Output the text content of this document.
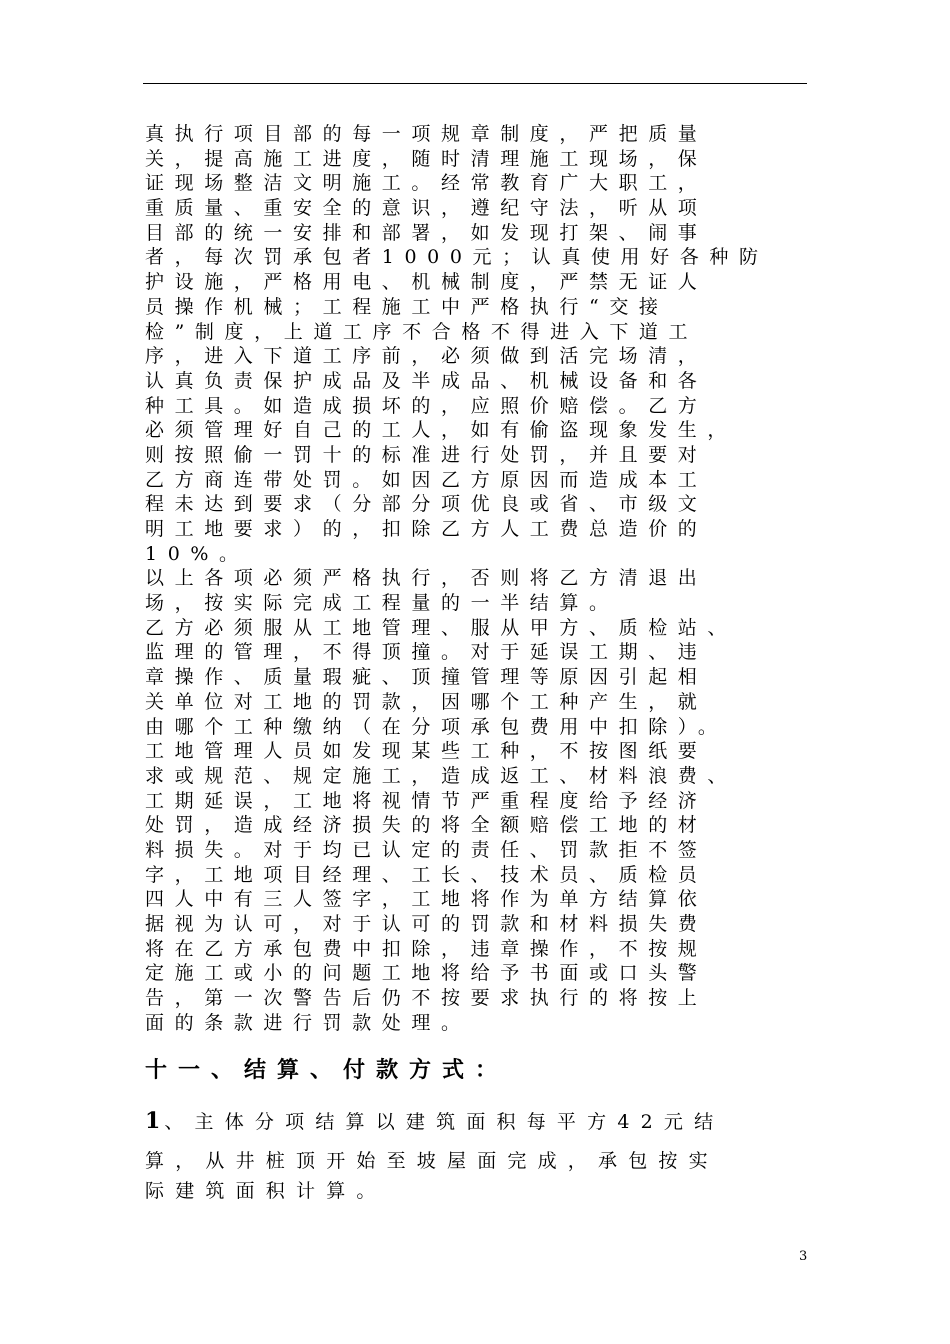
真执行项目部的每一项规章制度，严把质量
关，提高施工进度，随时清理施工现场，保
证现场整洁文明施工。经常教育广大职工，
重质量、重安全的意识，遵纪守法，听从项
目部的统一安排和部署，如发现打架、闹事
者，每次罚承包者1000元；认真使用好各种防
护设施，严格用电、机械制度，严禁无证人
员操作机械；工程施工中严格执行“交接
检”制度，上道工序不合格不得进入下道工
序，进入下道工序前，必须做到活完场清，
认真负责保护成品及半成品、机械设备和各
种工具。如造成损坏的，应照价赔偿。乙方
必须管理好自己的工人，如有偷盗现象发生，
则按照偷一罚十的标准进行处罚，并且要对
乙方商连带处罚。如因乙方原因而造成本工
程未达到要求（分部分项优良或省、市级文
明工地要求）的，扣除乙方人工费总造价的
10%。
以上各项必须严格执行，否则将乙方清退出
场，按实际完成工程量的一半结算。
乙方必须服从工地管理、服从甲方、质检站、
监理的管理，不得顶撞。对于延误工期、违
章操作、质量瑕疵、顶撞管理等原因引起相
关单位对工地的罚款，因哪个工种产生，就
由哪个工种缴纳（在分项承包费用中扣除）。
工地管理人员如发现某些工种，不按图纸要
求或规范、规定施工，造成返工、材料浪费、
工期延误，工地将视情节严重程度给予经济
处罚，造成经济损失的将全额赔偿工地的材
料损失。对于均已认定的责任、罚款拒不签
字，工地项目经理、工长、技术员、质检员
四人中有三人签字，工地将作为单方结算依
据视为认可，对于认可的罚款和材料损失费
将在乙方承包费中扣除，违章操作，不按规
定施工或小的问题工地将给予书面或口头警
告，第一次警告后仍不按要求执行的将按上
面的条款进行罚款处理。
十一、结算、付款方式：
1、主体分项结算以建筑面积每平方42元结
算，从井桩顶开始至坡屋面完成，承包按实
际建筑面积计算。
3
